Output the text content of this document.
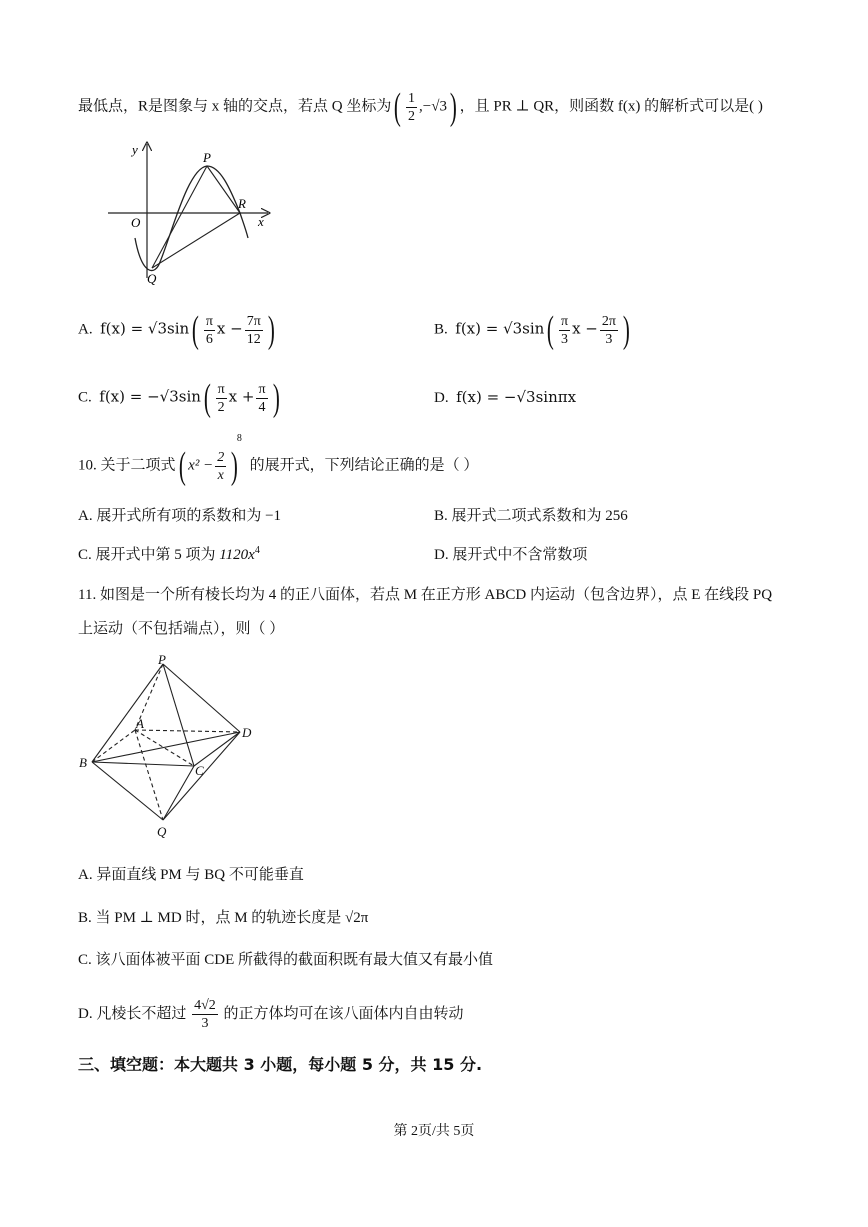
最低点，R是图象与 x 轴的交点，若点 Q 坐标为( $\frac{1}{2} ,-√3$) ，且 PR ⊥ QR，则函数 f(x) 的解析式可以是( )
y
x
O
P
R
Q
A. $f(x) = √3\sin( \frac{\pi}{6}$ $x - \frac{7\pi}{12}$ )	B. $f(x) = √3\sin( \frac{\pi}{3}$ $x - \frac{2\pi}{3}$ )
C. $f(x) = -√3\sin( \frac{\pi}{2}$ $x + \frac{\pi}{4}$ )	D. f(x) = −√3sinπx
10. 关于二项式( $x^2 - \frac{2}{x} )^8$ 的展开式，下列结论正确的是（ ）
A. 展开式所有项的系数和为 −1	B. 展开式二项式系数和为 256
C. 展开式中第 5 项为 $1120x^4$	D. 展开式中不含常数项
11. 如图是一个所有棱长均为 4 的正八面体，若点 M 在正方形 ABCD 内运动（包含边界），点 E 在线段 PQ
上运动（不包括端点），则（ ）
P
A
D
B
C
Q
A. 异面直线 PM 与 BQ 不可能垂直
B. 当 PM ⊥ MD 时，点 M 的轨迹长度是 √2π
C. 该八面体被平面 CDE 所截得的截面积既有最大值又有最小值
D. 凡棱长不超过 $\frac{4√2}{3}$ 的正方体均可在该八面体内自由转动
三、填空题：本大题共 3 小题，每小题 5 分，共 15 分.
第 2页/共 5页
